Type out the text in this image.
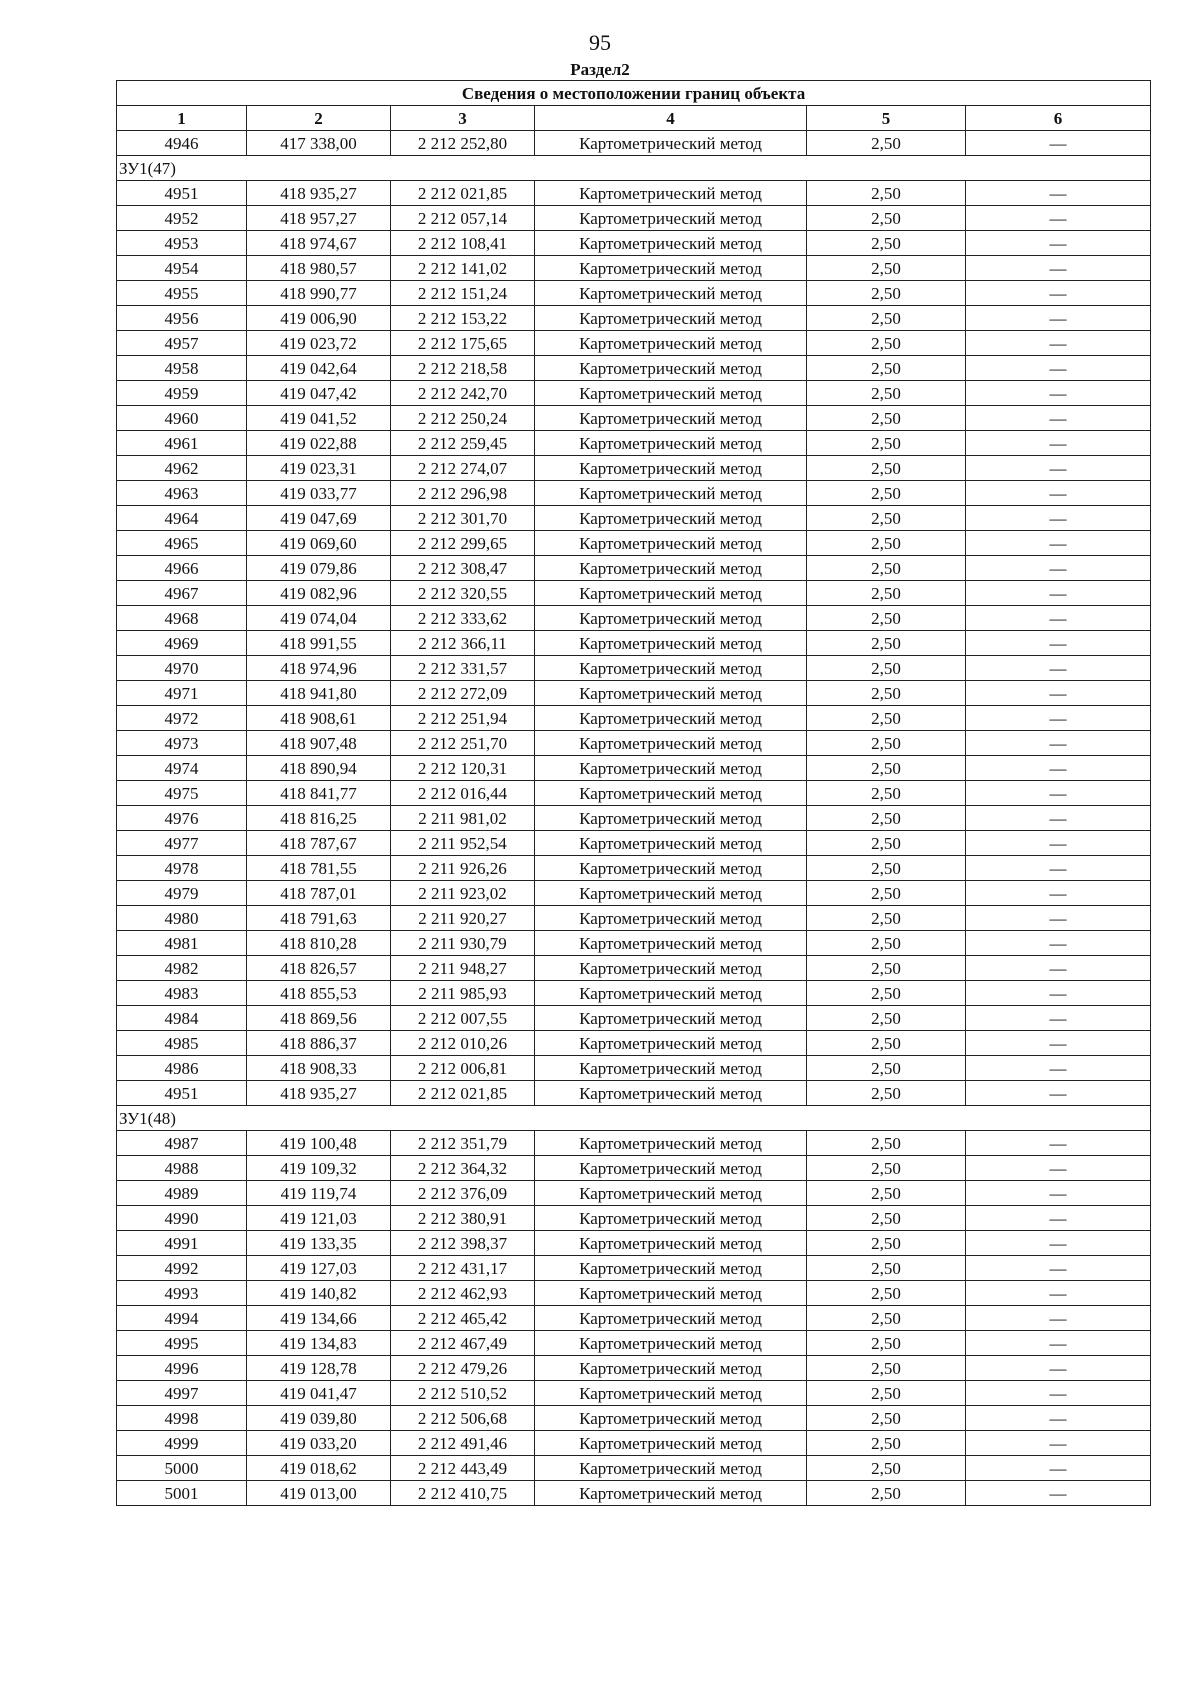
95
Раздел2
Сведения о местоположении границ объекта					
1	2	3	4	5	6
4946	417 338,00	2 212 252,80	Картометрический метод	2,50	—
ЗУ1(47)					
4951	418 935,27	2 212 021,85	Картометрический метод	2,50	—
4952	418 957,27	2 212 057,14	Картометрический метод	2,50	—
4953	418 974,67	2 212 108,41	Картометрический метод	2,50	—
4954	418 980,57	2 212 141,02	Картометрический метод	2,50	—
4955	418 990,77	2 212 151,24	Картометрический метод	2,50	—
4956	419 006,90	2 212 153,22	Картометрический метод	2,50	—
4957	419 023,72	2 212 175,65	Картометрический метод	2,50	—
4958	419 042,64	2 212 218,58	Картометрический метод	2,50	—
4959	419 047,42	2 212 242,70	Картометрический метод	2,50	—
4960	419 041,52	2 212 250,24	Картометрический метод	2,50	—
4961	419 022,88	2 212 259,45	Картометрический метод	2,50	—
4962	419 023,31	2 212 274,07	Картометрический метод	2,50	—
4963	419 033,77	2 212 296,98	Картометрический метод	2,50	—
4964	419 047,69	2 212 301,70	Картометрический метод	2,50	—
4965	419 069,60	2 212 299,65	Картометрический метод	2,50	—
4966	419 079,86	2 212 308,47	Картометрический метод	2,50	—
4967	419 082,96	2 212 320,55	Картометрический метод	2,50	—
4968	419 074,04	2 212 333,62	Картометрический метод	2,50	—
4969	418 991,55	2 212 366,11	Картометрический метод	2,50	—
4970	418 974,96	2 212 331,57	Картометрический метод	2,50	—
4971	418 941,80	2 212 272,09	Картометрический метод	2,50	—
4972	418 908,61	2 212 251,94	Картометрический метод	2,50	—
4973	418 907,48	2 212 251,70	Картометрический метод	2,50	—
4974	418 890,94	2 212 120,31	Картометрический метод	2,50	—
4975	418 841,77	2 212 016,44	Картометрический метод	2,50	—
4976	418 816,25	2 211 981,02	Картометрический метод	2,50	—
4977	418 787,67	2 211 952,54	Картометрический метод	2,50	—
4978	418 781,55	2 211 926,26	Картометрический метод	2,50	—
4979	418 787,01	2 211 923,02	Картометрический метод	2,50	—
4980	418 791,63	2 211 920,27	Картометрический метод	2,50	—
4981	418 810,28	2 211 930,79	Картометрический метод	2,50	—
4982	418 826,57	2 211 948,27	Картометрический метод	2,50	—
4983	418 855,53	2 211 985,93	Картометрический метод	2,50	—
4984	418 869,56	2 212 007,55	Картометрический метод	2,50	—
4985	418 886,37	2 212 010,26	Картометрический метод	2,50	—
4986	418 908,33	2 212 006,81	Картометрический метод	2,50	—
4951	418 935,27	2 212 021,85	Картометрический метод	2,50	—
ЗУ1(48)					
4987	419 100,48	2 212 351,79	Картометрический метод	2,50	—
4988	419 109,32	2 212 364,32	Картометрический метод	2,50	—
4989	419 119,74	2 212 376,09	Картометрический метод	2,50	—
4990	419 121,03	2 212 380,91	Картометрический метод	2,50	—
4991	419 133,35	2 212 398,37	Картометрический метод	2,50	—
4992	419 127,03	2 212 431,17	Картометрический метод	2,50	—
4993	419 140,82	2 212 462,93	Картометрический метод	2,50	—
4994	419 134,66	2 212 465,42	Картометрический метод	2,50	—
4995	419 134,83	2 212 467,49	Картометрический метод	2,50	—
4996	419 128,78	2 212 479,26	Картометрический метод	2,50	—
4997	419 041,47	2 212 510,52	Картометрический метод	2,50	—
4998	419 039,80	2 212 506,68	Картометрический метод	2,50	—
4999	419 033,20	2 212 491,46	Картометрический метод	2,50	—
5000	419 018,62	2 212 443,49	Картометрический метод	2,50	—
5001	419 013,00	2 212 410,75	Картометрический метод	2,50	—
